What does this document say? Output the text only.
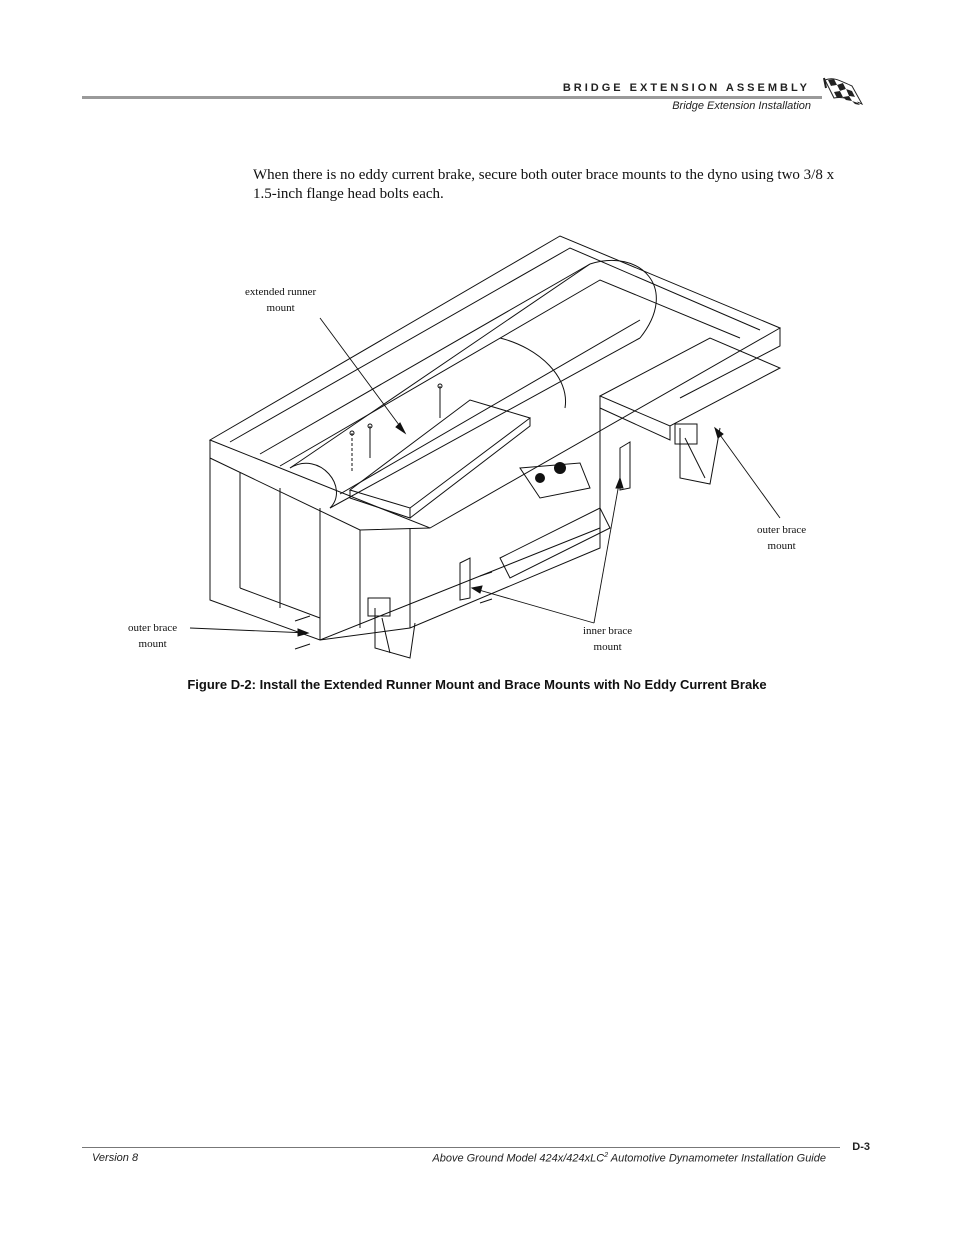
BRIDGE EXTENSION ASSEMBLY
Bridge Extension Installation
When there is no eddy current brake, secure both outer brace mounts to the dyno using two 3/8 x 1.5-inch flange head bolts each.
extended runner
mount
outer brace
mount
outer brace
mount
inner brace
mount
Figure D-2: Install the Extended Runner Mount and Brace Mounts with No Eddy Current Brake
D-3
Version 8	Above Ground Model 424x/424xLC$^2$ Automotive Dynamometer Installation Guide
